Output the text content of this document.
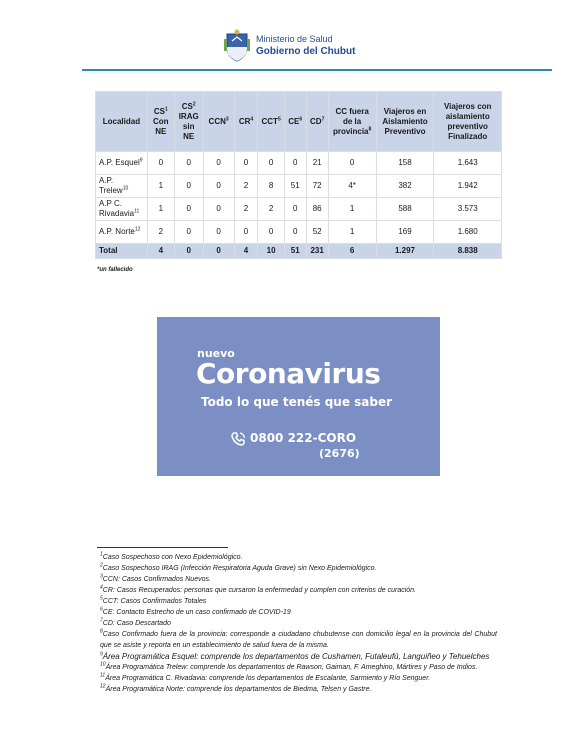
Ministerio de Salud
Gobierno del Chubut
Localidad	$CS^1$ Con NE	$CS^2$ IRAG sin NE	CCN$^3$	$CR^4$	CCT$^5$	$CE^6$	$CD^7$	CC fuera de la provincia$^8$	Viajeros en Aislamiento Preventivo	Viajeros con aislamiento preventivo Finalizado
A.P. Esquel$^9$	0	0	0	0	0	0	21	0	158	1.643
A.P. Trelew$^{10}$	1	0	0	2	8	51	72	4*	382	1.942
A.P C. Rivadavia$^{11}$	1	0	0	2	2	0	86	1	588	3.573
A.P. Norte$^{12}$	2	0	0	0	0	0	52	1	169	1.680
Total	4	0	0	4	10	51	231	6	1.297	8.838
*un fallecido
nuevo
Coronavirus
Todo lo que tenés que saber
0800 222-CORO
(2676)
$^1$Caso Sospechoso con Nexo Epidemiológico.
$^2$Caso Sospechoso IRAG (Infección Respiratoria Aguda Grave) sin Nexo Epidemiológico.
$^3$CCN: Casos Confirmados Nuevos.
$^4$CR: Casos Recuperados: personas que cursaron la enfermedad y cumplen con criterios de curación.
$^5$CCT: Casos Confirmados Totales
$^6$CE: Contacto Estrecho de un caso confirmado de COVID-19
$^7$CD: Caso Descartado
$^8$Caso Confirmado fuera de la provincia: corresponde a ciudadano chubutense con domicilio legal en la provincia del Chubut que se asiste y reporta en un establecimiento de salud fuera de la misma.
$^9$Área Programática Esquel: comprende los departamentos de Cushamen, Futaleufú, Languiñeo y Tehuelches
$^{10}$Área Programática Trelew: comprende los departamentos de Rawson, Gaiman, F. Ameghino, Mártires y Paso de Indios.
$^{11}$Área Programática C. Rivadavia: comprende los departamentos de Escalante, Sarmiento y Río Senguer.
$^{12}$Área Programática Norte: comprende los departamentos de Biedma, Telsen y Gastre.
